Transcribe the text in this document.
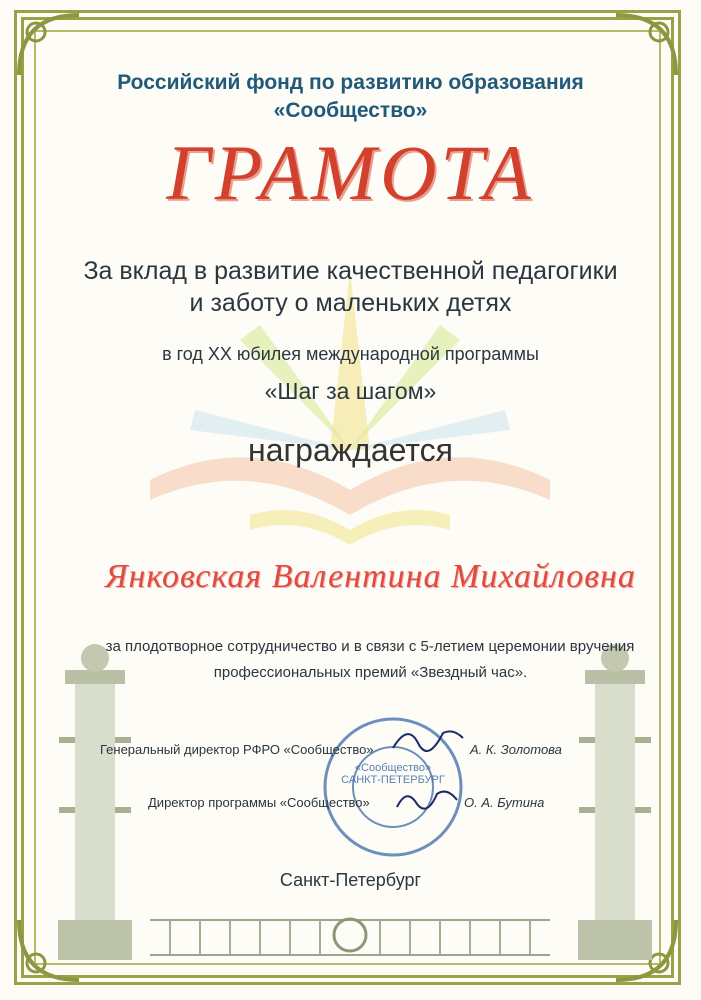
Российский фонд по развитию образования
«Сообщество»
ГРАМОТА
За вклад в развитие качественной педагогики
и заботу о маленьких детях
в год XX юбилея международной программы
«Шаг за шагом»
награждается
Янковская Валентина Михайловна
за плодотворное сотрудничество и в связи с 5-летием церемонии вручения
профессиональных премий «Звездный час».
«Сообщество» САНКТ-ПЕТЕРБУРГ
Генеральный директор РФРО «Сообщество»	А. К. Золотова
Директор программы «Сообщество»	О. А. Бутина
Санкт-Петербург
